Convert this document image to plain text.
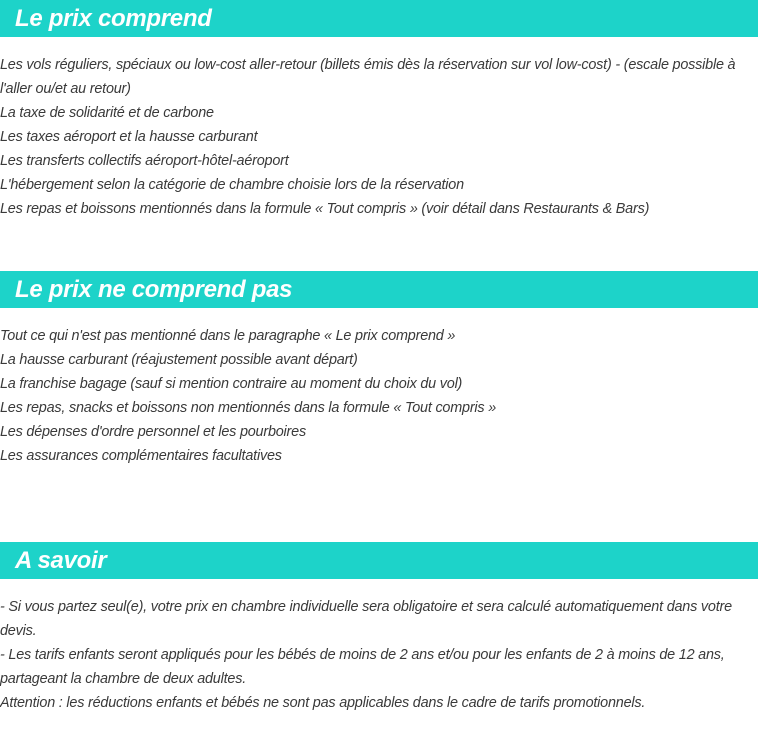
Le prix comprend

Les vols réguliers, spéciaux ou low-cost aller-retour (billets émis dès la réservation sur vol low-cost) - (escale possible à l'aller ou/et au retour)

La taxe de solidarité et de carbone

Les taxes aéroport et la hausse carburant

Les transferts collectifs aéroport-hôtel-aéroport

L'hébergement selon la catégorie de chambre choisie lors de la réservation

Les repas et boissons mentionnés dans la formule « Tout compris » (voir détail dans Restaurants & Bars)

Le prix ne comprend pas

Tout ce qui n'est pas mentionné dans le paragraphe « Le prix comprend »

La hausse carburant (réajustement possible avant départ)

La franchise bagage (sauf si mention contraire au moment du choix du vol)

Les repas, snacks et boissons non mentionnés dans la formule « Tout compris »

Les dépenses d'ordre personnel et les pourboires

Les assurances complémentaires facultatives

A savoir

- Si vous partez seul(e), votre prix en chambre individuelle sera obligatoire et sera calculé automatiquement dans votre devis.

- Les tarifs enfants seront appliqués pour les bébés de moins de 2 ans et/ou pour les enfants de 2 à moins de 12 ans, partageant la chambre de deux adultes.

Attention : les réductions enfants et bébés ne sont pas applicables dans le cadre de tarifs promotionnels.
